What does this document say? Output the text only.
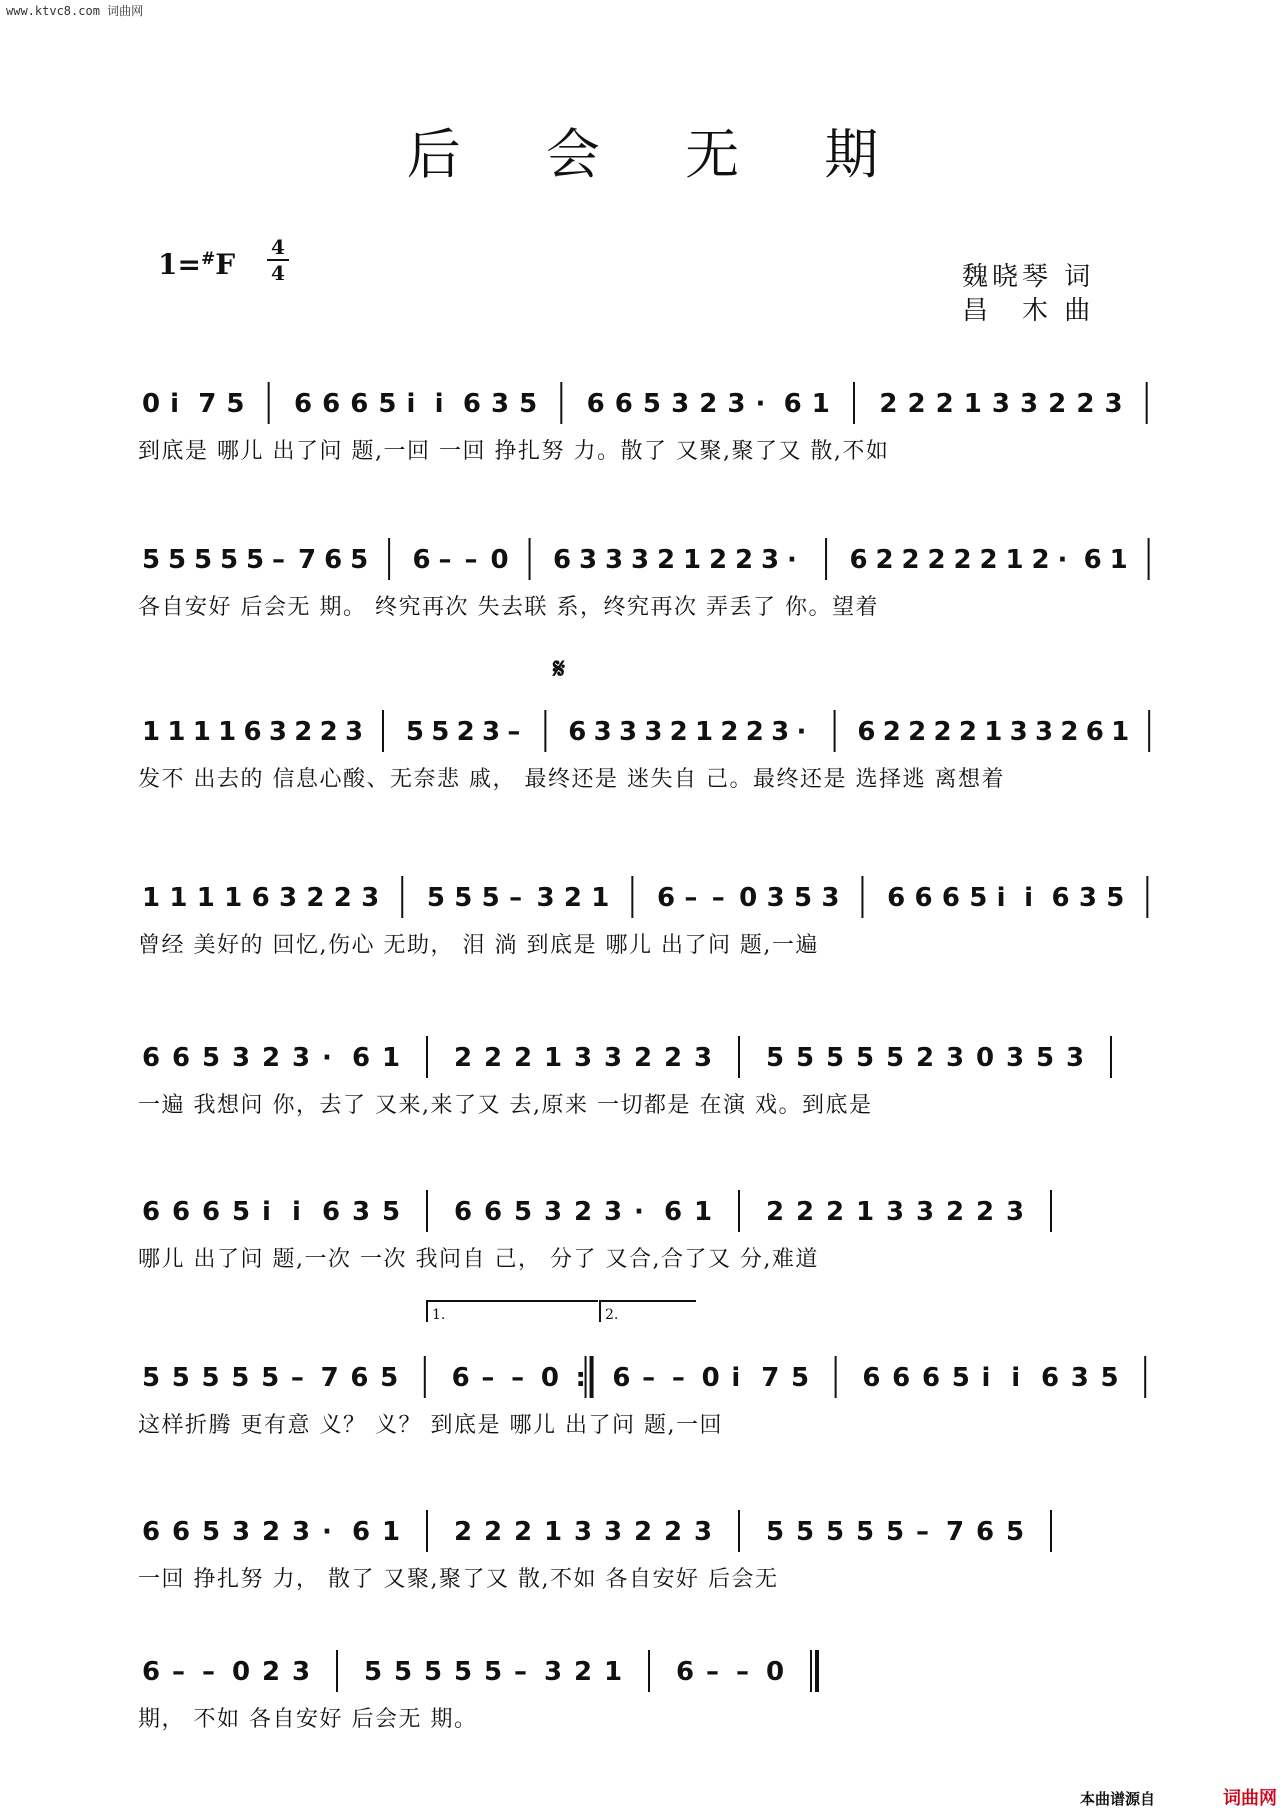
www.ktvc8.com 词曲网
后 会 无 期
1=#F
4
4	魏晓琴 词
昌　木 曲
𝄋
1.	2.
0 i 7 5 6 6 6 5 i i 6 3 5 6 6 5 3 2 3 · 6 1 2 2 2 1 3 3 2 2 3
到底是 哪儿 出了问 题,一回 一回 挣扎努 力。散了 又聚,聚了又 散,不如
5 5 5 5 5 – 7 6 5 6 – – 0 6 3 3 3 2 1 2 2 3 · 6 2 2 2 2 2 1 2 · 6 1
各自安好 后会无 期。 终究再次 失去联 系，终究再次 弄丢了 你。望着
1 1 1 1 6 3 2 2 3 5 5 2 3 – 6 3 3 3 2 1 2 2 3 · 6 2 2 2 2 1 3 3 2 6 1
发不 出去的 信息心酸、无奈悲 戚， 最终还是 迷失自 己。最终还是 选择逃 离想着
1 1 1 1 6 3 2 2 3 5 5 5 – 3 2 1 6 – – 0 3 5 3 6 6 6 5 i i 6 3 5
曾经 美好的 回忆,伤心 无助， 泪 淌 到底是 哪儿 出了问 题,一遍
6 6 5 3 2 3 · 6 1 2 2 2 1 3 3 2 2 3 5 5 5 5 5 2 3 0 3 5 3
一遍 我想问 你，去了 又来,来了又 去,原来 一切都是 在演 戏。到底是
6 6 6 5 i i 6 3 5 6 6 5 3 2 3 · 6 1 2 2 2 1 3 3 2 2 3
哪儿 出了问 题,一次 一次 我问自 己， 分了 又合,合了又 分,难道
5 5 5 5 5 – 7 6 5 6 – – 0 : 6 – – 0 i 7 5 6 6 6 5 i i 6 3 5
这样折腾 更有意 义？ 义？ 到底是 哪儿 出了问 题,一回
6 6 5 3 2 3 · 6 1 2 2 2 1 3 3 2 2 3 5 5 5 5 5 – 7 6 5
一回 挣扎努 力， 散了 又聚,聚了又 散,不如 各自安好 后会无
6 – – 0 2 3 5 5 5 5 5 – 3 2 1 6 – – 0
期， 不如 各自安好 后会无 期。
本曲谱源自	词曲网
